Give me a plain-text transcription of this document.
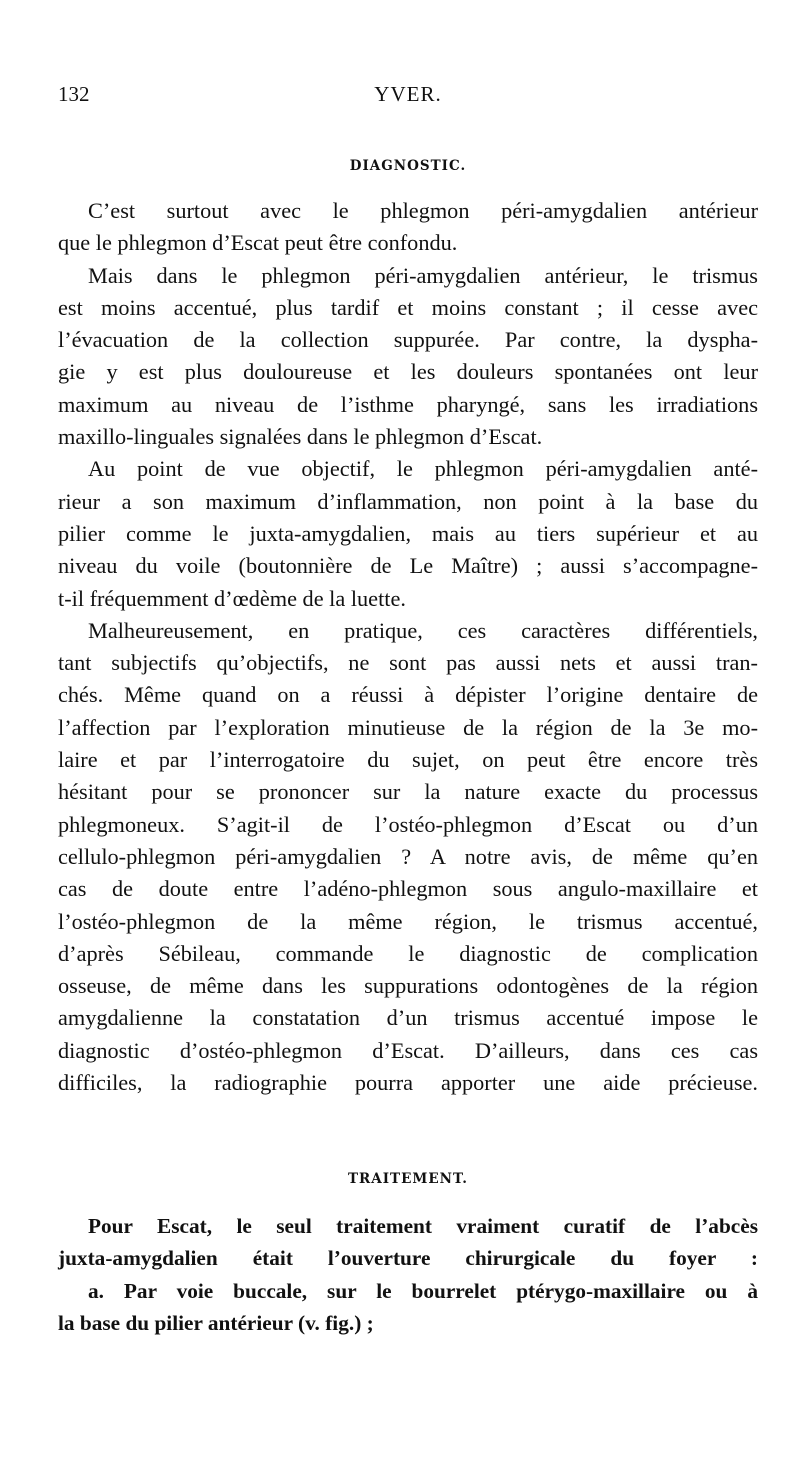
132	YVER.
DIAGNOSTIC.
C’est surtout avec le phlegmon péri-amygdalien antérieur
que le phlegmon d’Escat peut être confondu.
Mais dans le phlegmon péri-amygdalien antérieur, le trismus
est moins accentué, plus tardif et moins constant ; il cesse avec
l’évacuation de la collection suppurée. Par contre, la dyspha-
gie y est plus douloureuse et les douleurs spontanées ont leur
maximum au niveau de l’isthme pharyngé, sans les irradiations
maxillo-linguales signalées dans le phlegmon d’Escat.
Au point de vue objectif, le phlegmon péri-amygdalien anté-
rieur a son maximum d’inflammation, non point à la base du
pilier comme le juxta-amygdalien, mais au tiers supérieur et au
niveau du voile (boutonnière de Le Maître) ; aussi s’accompagne-
t-il fréquemment d’œdème de la luette.
Malheureusement, en pratique, ces caractères différentiels,
tant subjectifs qu’objectifs, ne sont pas aussi nets et aussi tran-
chés. Même quand on a réussi à dépister l’origine dentaire de
l’affection par l’exploration minutieuse de la région de la 3e mo-
laire et par l’interrogatoire du sujet, on peut être encore très
hésitant pour se prononcer sur la nature exacte du processus
phlegmoneux. S’agit-il de l’ostéo-phlegmon d’Escat ou d’un
cellulo-phlegmon péri-amygdalien ? A notre avis, de même qu’en
cas de doute entre l’adéno-phlegmon sous angulo-maxillaire et
l’ostéo-phlegmon de la même région, le trismus accentué,
d’après Sébileau, commande le diagnostic de complication
osseuse, de même dans les suppurations odontogènes de la région
amygdalienne la constatation d’un trismus accentué impose le
diagnostic d’ostéo-phlegmon d’Escat. D’ailleurs, dans ces cas
difficiles, la radiographie pourra apporter une aide précieuse.
TRAITEMENT.
Pour Escat, le seul traitement vraiment curatif de l’abcès
juxta-amygdalien était l’ouverture chirurgicale du foyer :
a. Par voie buccale, sur le bourrelet ptérygo-maxillaire ou à
la base du pilier antérieur (v. fig.) ;
